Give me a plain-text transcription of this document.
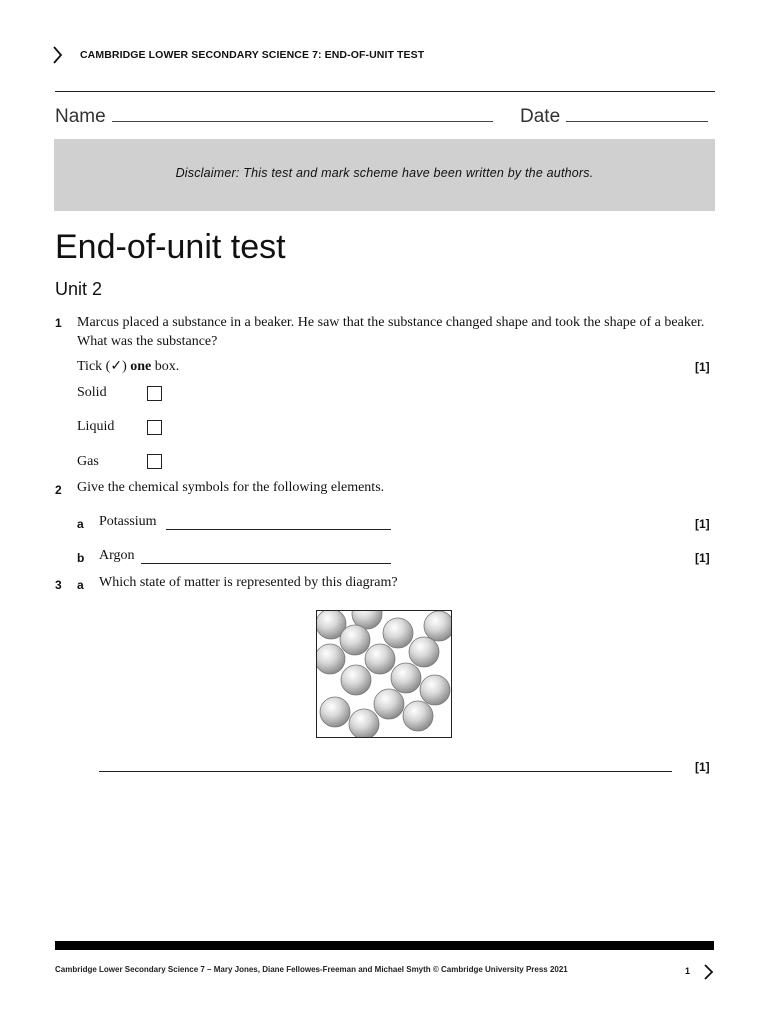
CAMBRIDGE LOWER SECONDARY SCIENCE 7: END-OF-UNIT TEST
Name	Date
Disclaimer: This test and mark scheme have been written by the authors.
End-of-unit test
Unit 2
1 Marcus placed a substance in a beaker. He saw that the substance changed shape and took the shape of a beaker. What was the substance?
Tick (✓) one box.	[1]
Solid
Liquid
Gas
2 Give the chemical symbols for the following elements.
a Potassium	[1]
b Argon	[1]
3 a Which state of matter is represented by this diagram?
[1]
Cambridge Lower Secondary Science 7 – Mary Jones, Diane Fellowes-Freeman and Michael Smyth © Cambridge University Press 2021	1
